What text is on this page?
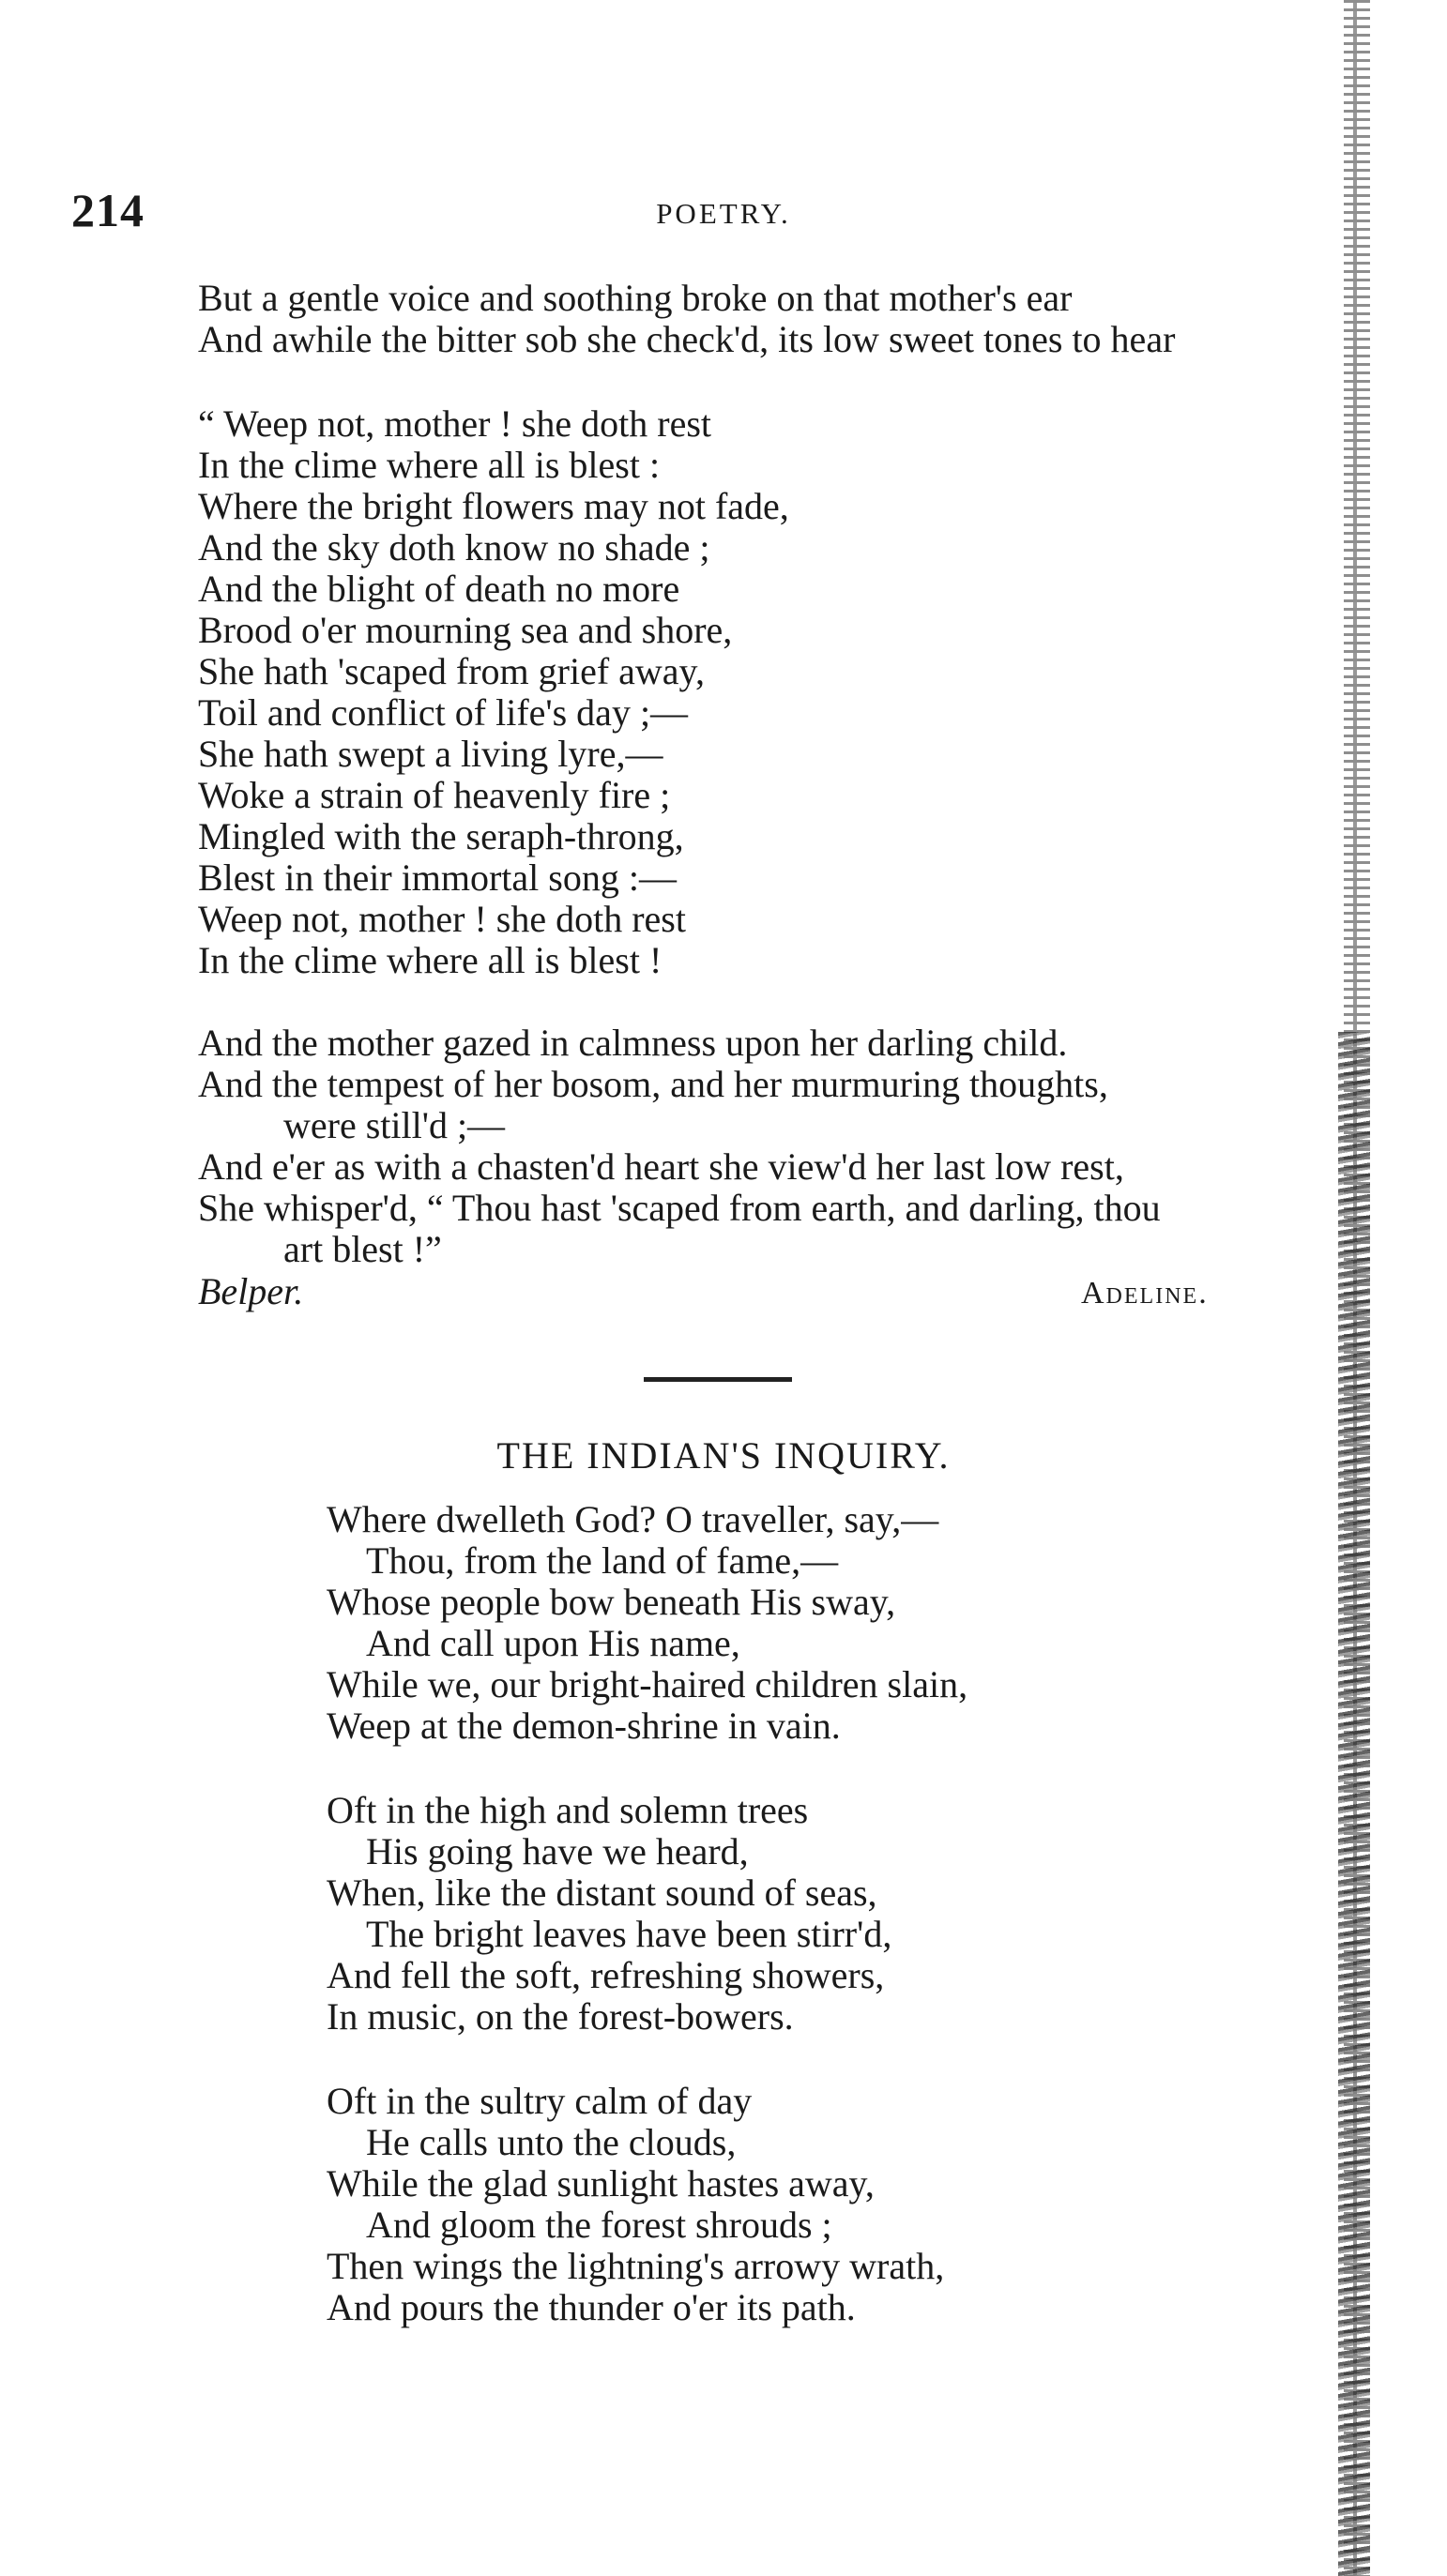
214	POETRY.
But a gentle voice and soothing broke on that mother's ear
And awhile the bitter sob she check'd, its low sweet tones to hear
“ Weep not, mother ! she doth rest
In the clime where all is blest :
Where the bright flowers may not fade,
And the sky doth know no shade ;
And the blight of death no more
Brood o'er mourning sea and shore,
She hath 'scaped from grief away,
Toil and conflict of life's day ;—
She hath swept a living lyre,—
Woke a strain of heavenly fire ;
Mingled with the seraph-throng,
Blest in their immortal song :—
Weep not, mother ! she doth rest
In the clime where all is blest !
And the mother gazed in calmness upon her darling child.
And the tempest of her bosom, and her murmuring thoughts,
were still'd ;—
And e'er as with a chasten'd heart she view'd her last low rest,
She whisper'd, “ Thou hast 'scaped from earth, and darling, thou
art blest !”
Belper.	Adeline.
THE INDIAN'S INQUIRY.
Where dwelleth God? O traveller, say,—
Thou, from the land of fame,—
Whose people bow beneath His sway,
And call upon His name,
While we, our bright-haired children slain,
Weep at the demon-shrine in vain.
Oft in the high and solemn trees
His going have we heard,
When, like the distant sound of seas,
The bright leaves have been stirr'd,
And fell the soft, refreshing showers,
In music, on the forest-bowers.
Oft in the sultry calm of day
He calls unto the clouds,
While the glad sunlight hastes away,
And gloom the forest shrouds ;
Then wings the lightning's arrowy wrath,
And pours the thunder o'er its path.
